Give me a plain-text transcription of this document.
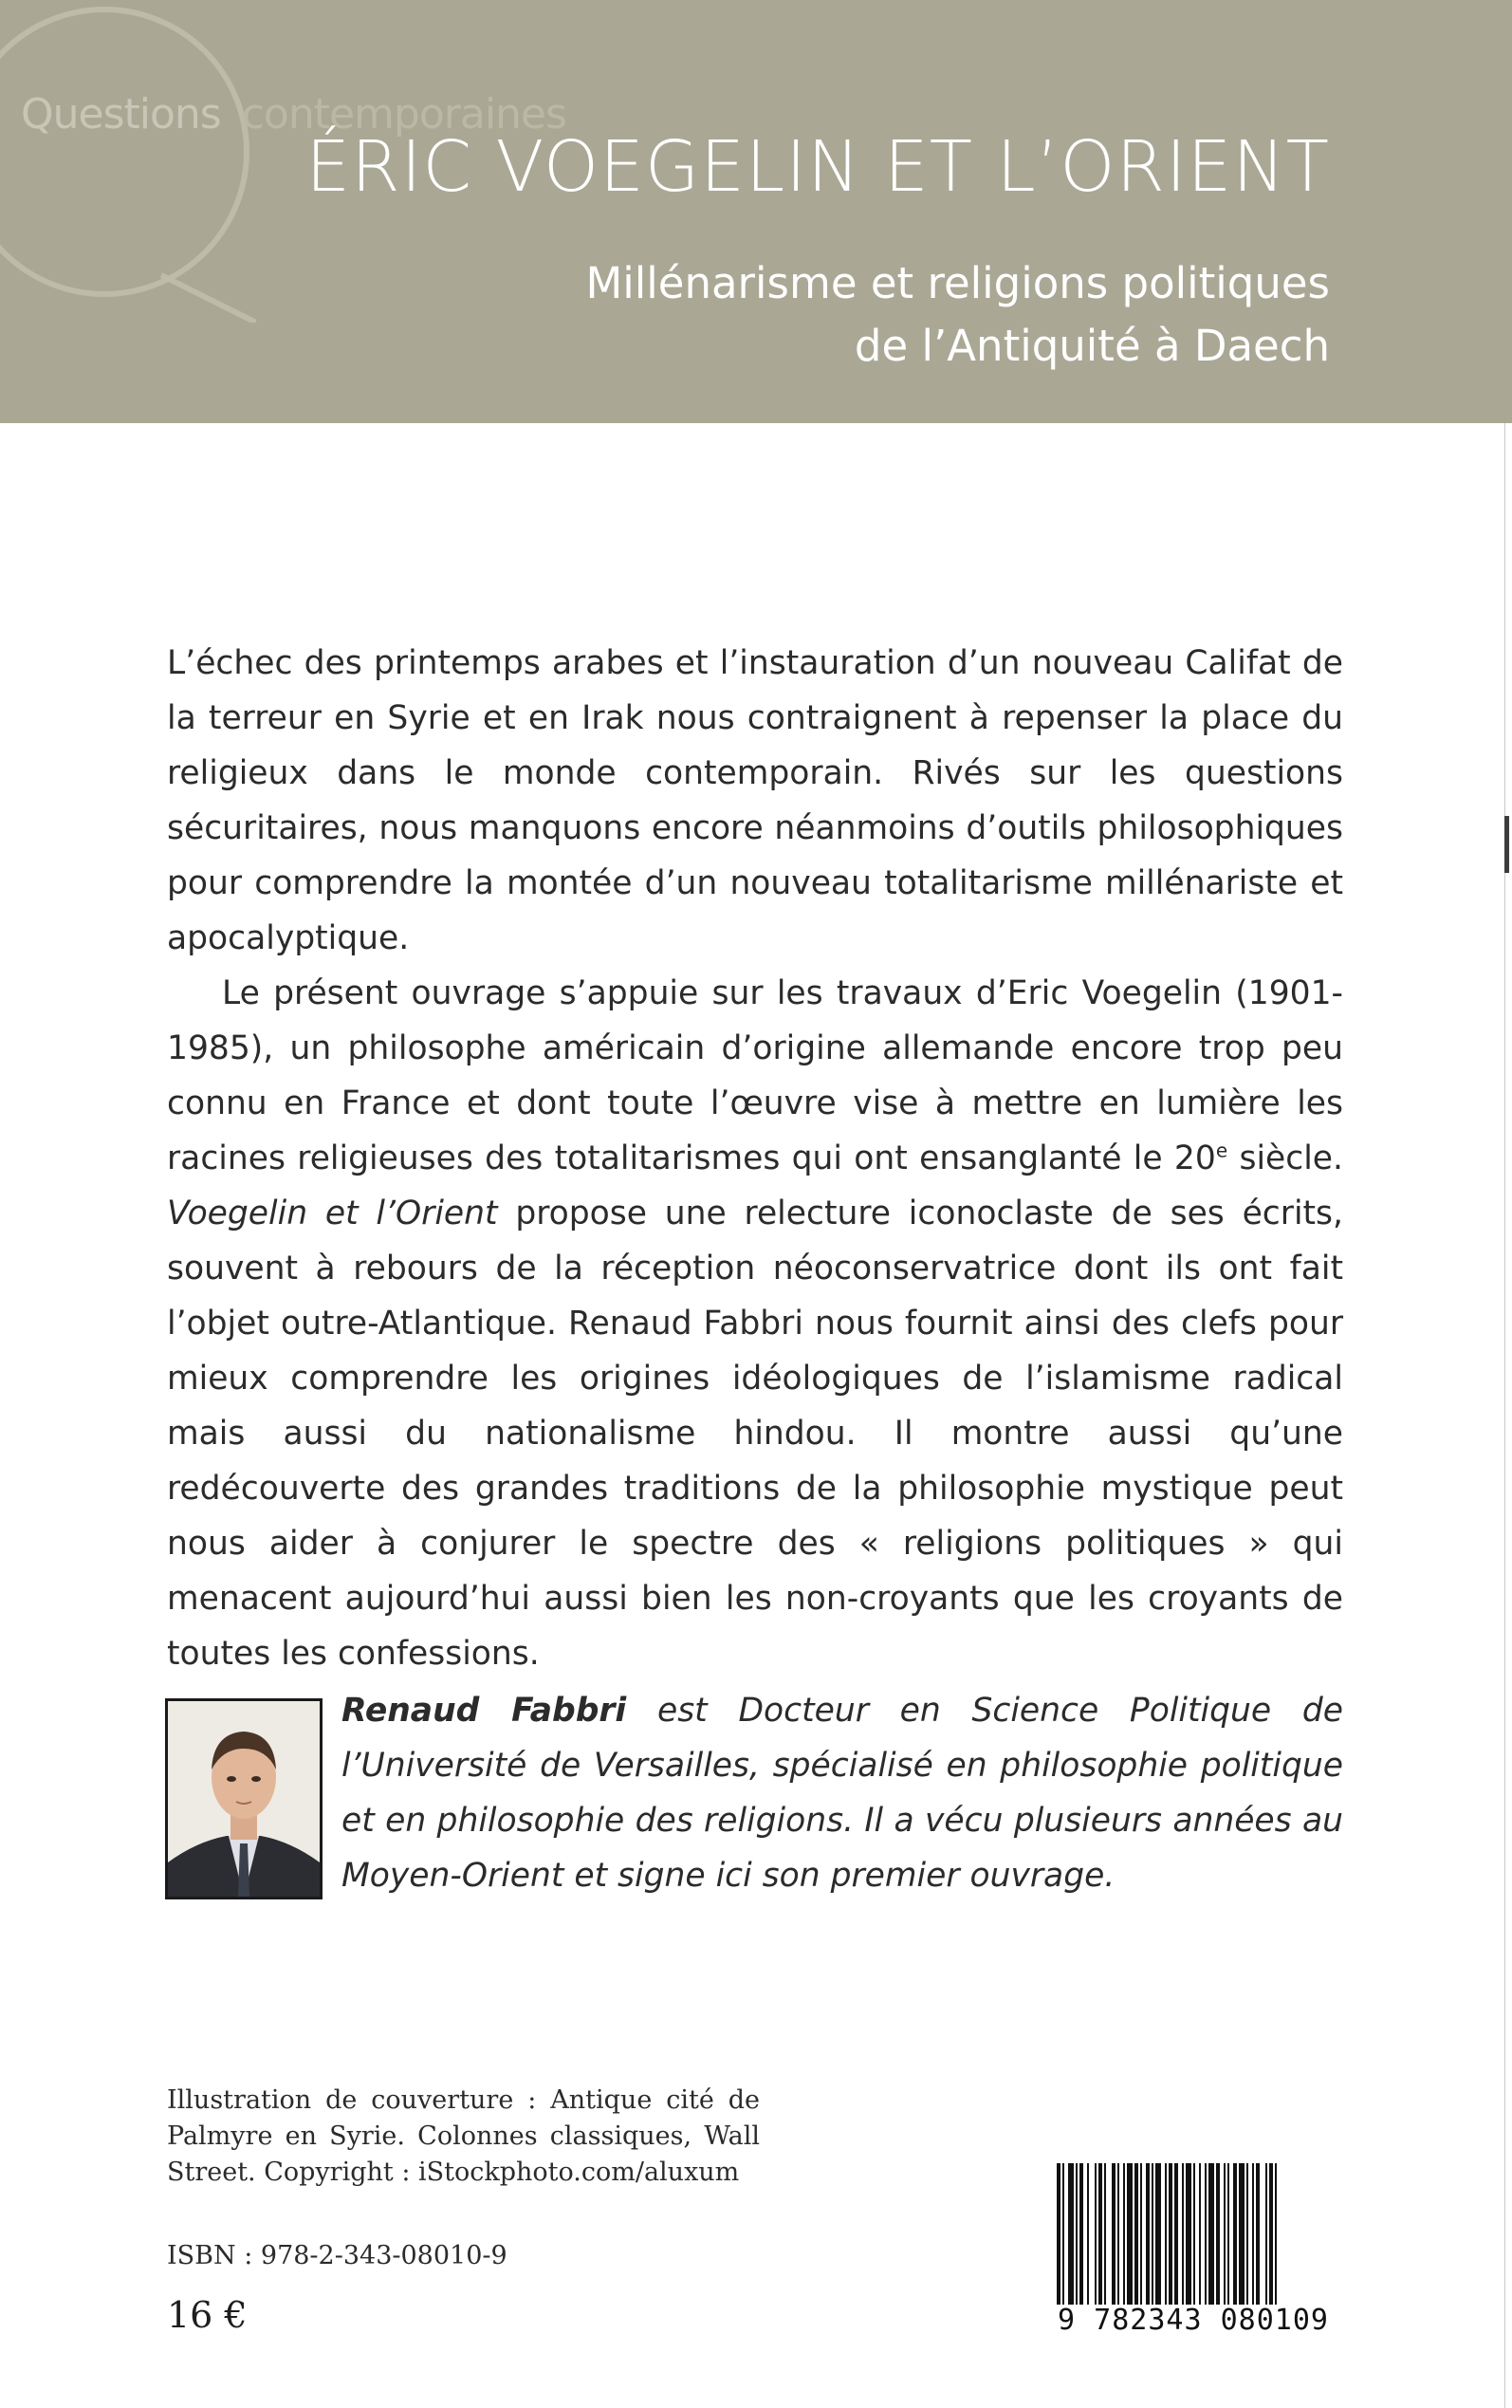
Questions contemporaines
ÉRIC VOEGELIN ET L’ORIENT
Millénarisme et religions politiques
de l’Antiquité à Daech

L’échec des printemps arabes et l’instauration d’un nouveau Califat de la terreur en Syrie et en Irak nous contraignent à repenser la place du religieux dans le monde contemporain. Rivés sur les questions sécuritaires, nous manquons encore néanmoins d’outils philosophiques pour comprendre la montée d’un nouveau totalitarisme millénariste et apocalyptique.

Le présent ouvrage s’appuie sur les travaux d’Eric Voegelin (1901-1985), un philosophe américain d’origine allemande encore trop peu connu en France et dont toute l’œuvre vise à mettre en lumière les racines religieuses des totalitarismes qui ont ensanglanté le 20e siècle. Voegelin et l’Orient propose une relecture iconoclaste de ses écrits, souvent à rebours de la réception néoconservatrice dont ils ont fait l’objet outre-Atlantique. Renaud Fabbri nous fournit ainsi des clefs pour mieux comprendre les origines idéologiques de l’islamisme radical mais aussi du nationalisme hindou. Il montre aussi qu’une redécouverte des grandes traditions de la philosophie mystique peut nous aider à conjurer le spectre des « religions politiques » qui menacent aujourd’hui aussi bien les non-croyants que les croyants de toutes les confessions.

Renaud Fabbri est Docteur en Science Politique de l’Université de Versailles, spécialisé en philosophie politique et en philosophie des religions. Il a vécu plusieurs années au Moyen-Orient et signe ici son premier ouvrage.
Illustration de couverture : Antique cité de Palmyre en Syrie. Colonnes classiques, Wall Street. Copyright : iStockphoto.com/aluxum
ISBN : 978-2-343-08010-9
16 €	9 782343 080109
